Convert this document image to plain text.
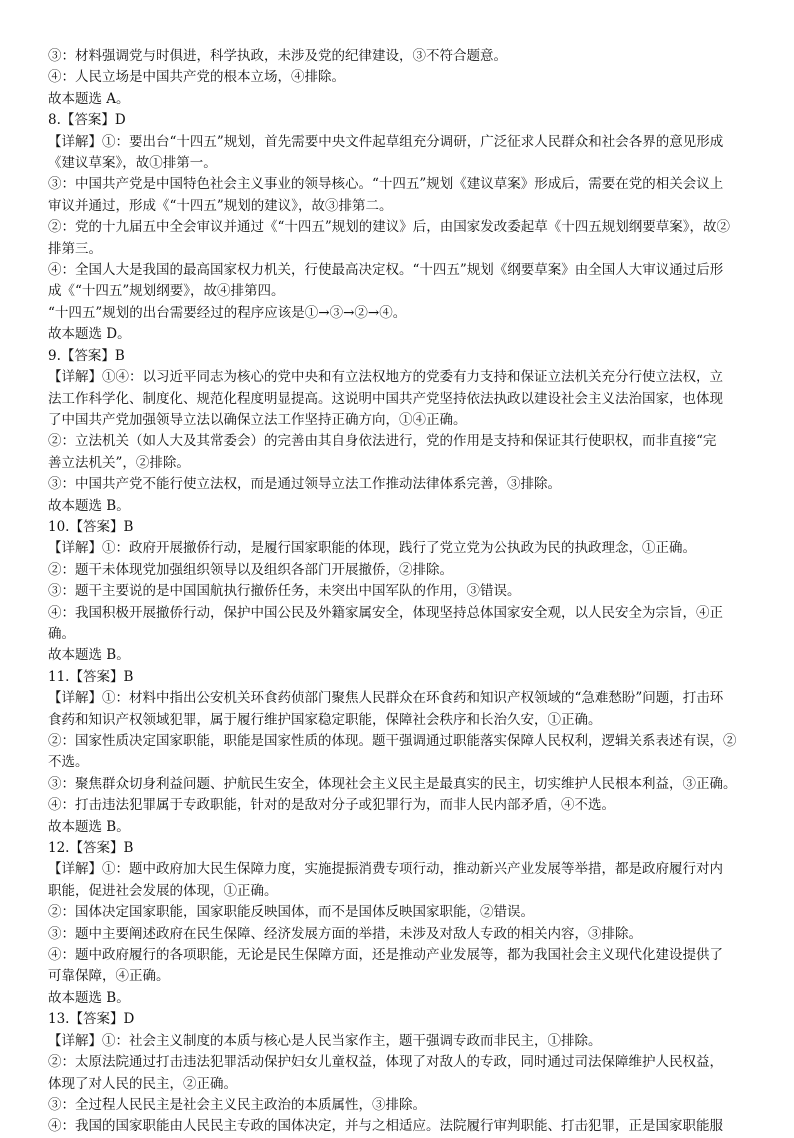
③：材料强调党与时俱进，科学执政，未涉及党的纪律建设，③不符合题意。
④：人民立场是中国共产党的根本立场，④排除。
故本题选 A。
8.【答案】D
【详解】①：要出台“十四五”规划，首先需要中央文件起草组充分调研，广泛征求人民群众和社会各界的意见形成
《建议草案》，故①排第一。
③：中国共产党是中国特色社会主义事业的领导核心。“十四五”规划《建议草案》形成后，需要在党的相关会议上
审议并通过，形成《“十四五”规划的建议》，故③排第二。
②：党的十九届五中全会审议并通过《“十四五”规划的建议》后，由国家发改委起草《十四五规划纲要草案》，故②
排第三。
④：全国人大是我国的最高国家权力机关，行使最高决定权。“十四五”规划《纲要草案》由全国人大审议通过后形
成《“十四五”规划纲要》，故④排第四。
“十四五”规划的出台需要经过的程序应该是①→③→②→④。
故本题选 D。
9.【答案】B
【详解】①④：以习近平同志为核心的党中央和有立法权地方的党委有力支持和保证立法机关充分行使立法权，立
法工作科学化、制度化、规范化程度明显提高。这说明中国共产党坚持依法执政以建设社会主义法治国家，也体现
了中国共产党加强领导立法以确保立法工作坚持正确方向，①④正确。
②：立法机关（如人大及其常委会）的完善由其自身依法进行，党的作用是支持和保证其行使职权，而非直接“完
善立法机关”，②排除。
③：中国共产党不能行使立法权，而是通过领导立法工作推动法律体系完善，③排除。
故本题选 B。
10.【答案】B
【详解】①：政府开展撤侨行动，是履行国家职能的体现，践行了党立党为公执政为民的执政理念，①正确。
②：题干未体现党加强组织领导以及组织各部门开展撤侨，②排除。
③：题干主要说的是中国国航执行撤侨任务，未突出中国军队的作用，③错误。
④：我国积极开展撤侨行动，保护中国公民及外籍家属安全，体现坚持总体国家安全观，以人民安全为宗旨，④正
确。
故本题选 B。
11.【答案】B
【详解】①：材料中指出公安机关环食药侦部门聚焦人民群众在环食药和知识产权领域的“急难愁盼”问题，打击环
食药和知识产权领域犯罪，属于履行维护国家稳定职能，保障社会秩序和长治久安，①正确。
②：国家性质决定国家职能，职能是国家性质的体现。题干强调通过职能落实保障人民权利，逻辑关系表述有误，②
不选。
③：聚焦群众切身利益问题、护航民生安全，体现社会主义民主是最真实的民主，切实维护人民根本利益，③正确。
④：打击违法犯罪属于专政职能，针对的是敌对分子或犯罪行为，而非人民内部矛盾，④不选。
故本题选 B。
12.【答案】B
【详解】①：题中政府加大民生保障力度，实施提振消费专项行动，推动新兴产业发展等举措，都是政府履行对内
职能，促进社会发展的体现，①正确。
②：国体决定国家职能，国家职能反映国体，而不是国体反映国家职能，②错误。
③：题中主要阐述政府在民生保障、经济发展方面的举措，未涉及对敌人专政的相关内容，③排除。
④：题中政府履行的各项职能，无论是民生保障方面，还是推动产业发展等，都为我国社会主义现代化建设提供了
可靠保障，④正确。
故本题选 B。
13.【答案】D
【详解】①：社会主义制度的本质与核心是人民当家作主，题干强调专政而非民主，①排除。
②：太原法院通过打击违法犯罪活动保护妇女儿童权益，体现了对敌人的专政，同时通过司法保障维护人民权益，
体现了对人民的民主，②正确。
③：全过程人民民主是社会主义民主政治的本质属性，③排除。
④：我国的国家职能由人民民主专政的国体决定，并与之相适应。法院履行审判职能、打击犯罪，正是国家职能服
